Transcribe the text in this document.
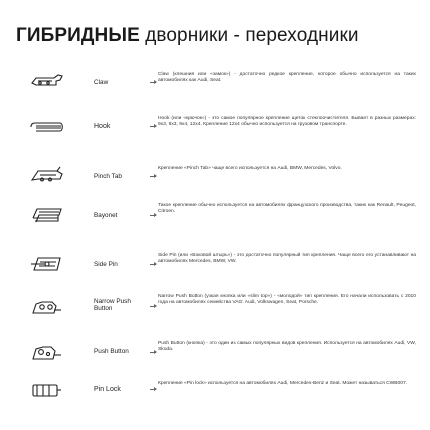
ГИБРИДНЫЕ дворники - переходники
Claw
Claw (клешния или «замок») - достаточно редкое крепление, которое обычно используется на таких автомобилях как Audi, Seat.
Hook
Hook (или «крючок») - это самое популярное крепление щеток стеклоочистителя. Бывает в разных размерах: 9x3, 9x3, 9x4, 12x4. Крепление 12x4 обычно используется на грузовом транспорте.
Pinch Tab
Крепление «Pinch Tab» чаще всего используется на Audi, BMW, Mercedes, Volvo.
Bayonet
Такое крепление обычно используется на автомобилях французского производства, таких как Renault, Peugeot, Citroen.
Side Pin
Side Pin (или «Боковой штырь») - это достаточно популярный тип крепления. Чаще всего его устанавливают на автомобилях Mercedes, BMW, VW.
Narrow Push Button
Narrow Push Button (узкая кнопка или «slim top») - «молодой» тип крепления. Его начали использовать с 2010 года на автомобилях семейства VAG: Audi, Volkswagen, Seat, Porsche.
Push Button
Push Button (кнопка) - это один из самых популярных видов крепления. Используется на автомобилях Audi, VW, Skoda.
Pin Lock
Крепление «Pin lock» используется на автомобилях Audi, Mercedes-Benz и Seat. Может называться CWB007.
